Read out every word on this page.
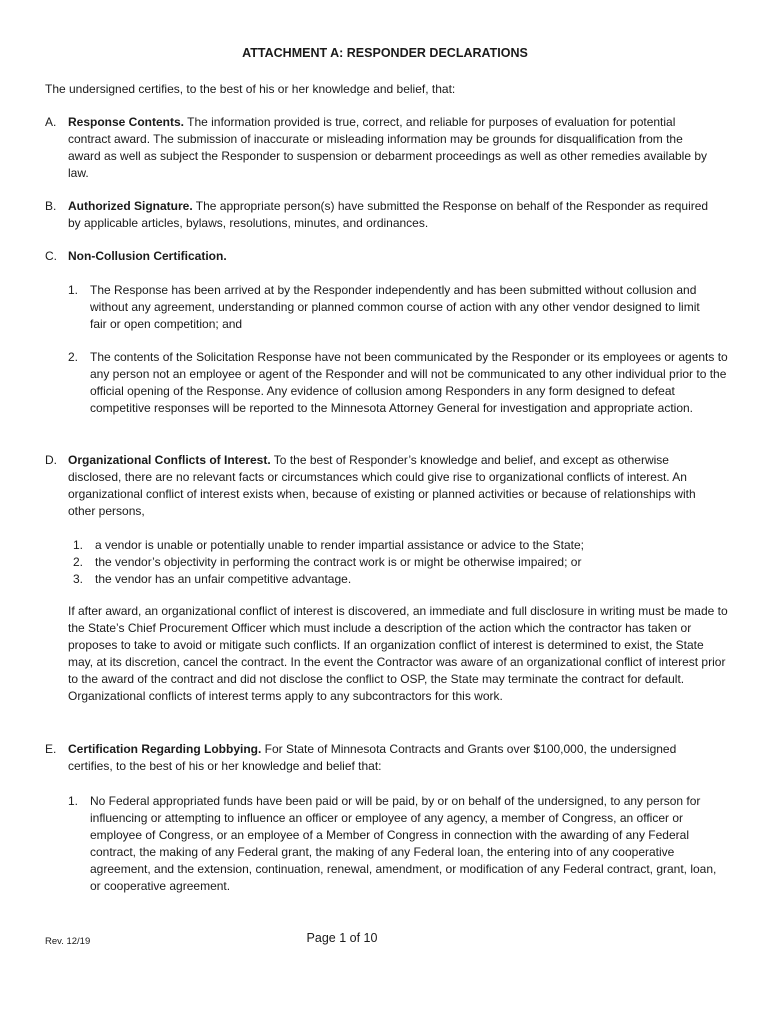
ATTACHMENT A: RESPONDER DECLARATIONS
The undersigned certifies, to the best of his or her knowledge and belief, that:
A. Response Contents. The information provided is true, correct, and reliable for purposes of evaluation for potential contract award. The submission of inaccurate or misleading information may be grounds for disqualification from the award as well as subject the Responder to suspension or debarment proceedings as well as other remedies available by law.
B. Authorized Signature. The appropriate person(s) have submitted the Response on behalf of the Responder as required by applicable articles, bylaws, resolutions, minutes, and ordinances.
C. Non-Collusion Certification.
1. The Response has been arrived at by the Responder independently and has been submitted without collusion and without any agreement, understanding or planned common course of action with any other vendor designed to limit fair or open competition; and
2. The contents of the Solicitation Response have not been communicated by the Responder or its employees or agents to any person not an employee or agent of the Responder and will not be communicated to any other individual prior to the official opening of the Response. Any evidence of collusion among Responders in any form designed to defeat competitive responses will be reported to the Minnesota Attorney General for investigation and appropriate action.
D. Organizational Conflicts of Interest. To the best of Responder’s knowledge and belief, and except as otherwise disclosed, there are no relevant facts or circumstances which could give rise to organizational conflicts of interest. An organizational conflict of interest exists when, because of existing or planned activities or because of relationships with other persons,
1. a vendor is unable or potentially unable to render impartial assistance or advice to the State;
2. the vendor’s objectivity in performing the contract work is or might be otherwise impaired; or
3. the vendor has an unfair competitive advantage.
If after award, an organizational conflict of interest is discovered, an immediate and full disclosure in writing must be made to the State’s Chief Procurement Officer which must include a description of the action which the contractor has taken or proposes to take to avoid or mitigate such conflicts. If an organization conflict of interest is determined to exist, the State may, at its discretion, cancel the contract. In the event the Contractor was aware of an organizational conflict of interest prior to the award of the contract and did not disclose the conflict to OSP, the State may terminate the contract for default. Organizational conflicts of interest terms apply to any subcontractors for this work.
E. Certification Regarding Lobbying. For State of Minnesota Contracts and Grants over $100,000, the undersigned certifies, to the best of his or her knowledge and belief that:
1. No Federal appropriated funds have been paid or will be paid, by or on behalf of the undersigned, to any person for influencing or attempting to influence an officer or employee of any agency, a member of Congress, an officer or employee of Congress, or an employee of a Member of Congress in connection with the awarding of any Federal contract, the making of any Federal grant, the making of any Federal loan, the entering into of any cooperative agreement, and the extension, continuation, renewal, amendment, or modification of any Federal contract, grant, loan, or cooperative agreement.
Rev. 12/19	Page 1 of 10
